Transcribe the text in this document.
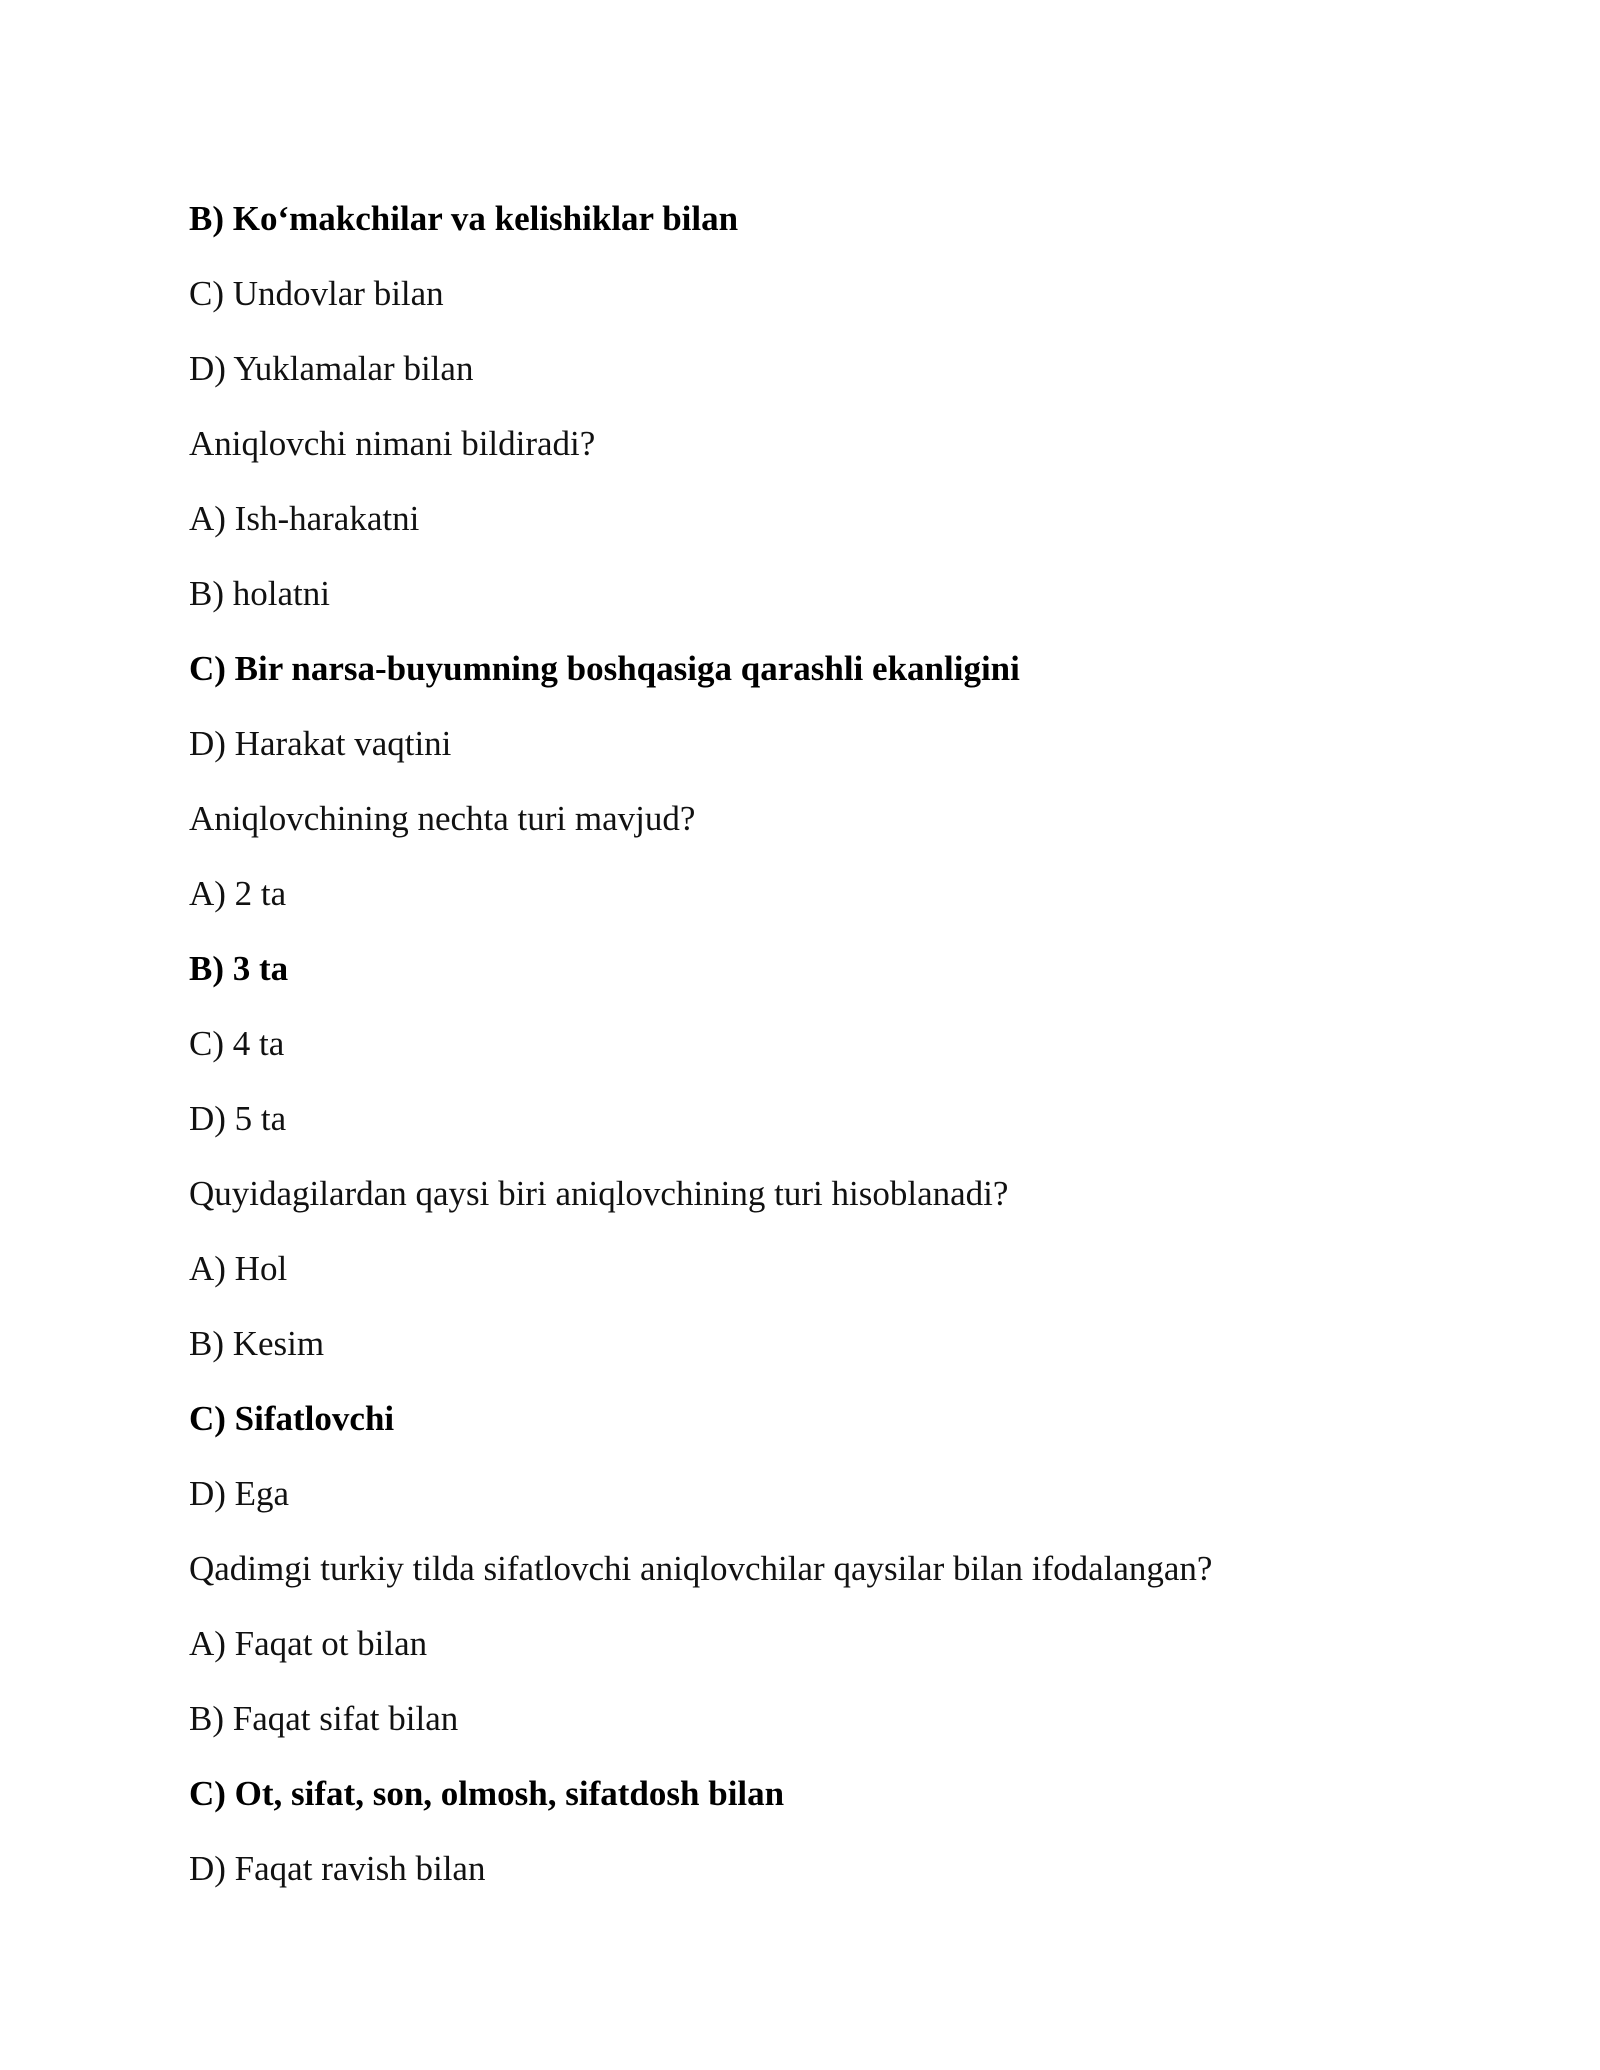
B) Ko‘makchilar va kelishiklar bilan
C) Undovlar bilan
D) Yuklamalar bilan
Aniqlovchi nimani bildiradi?
A) Ish-harakatni
B) holatni
C) Bir narsa-buyumning boshqasiga qarashli ekanligini
D) Harakat vaqtini
Aniqlovchining nechta turi mavjud?
A) 2 ta
B) 3 ta
C) 4 ta
D) 5 ta
Quyidagilardan qaysi biri aniqlovchining turi hisoblanadi?
A) Hol
B) Kesim
C) Sifatlovchi
D) Ega
Qadimgi turkiy tilda sifatlovchi aniqlovchilar qaysilar bilan ifodalangan?
A) Faqat ot bilan
B) Faqat sifat bilan
C) Ot, sifat, son, olmosh, sifatdosh bilan
D) Faqat ravish bilan
